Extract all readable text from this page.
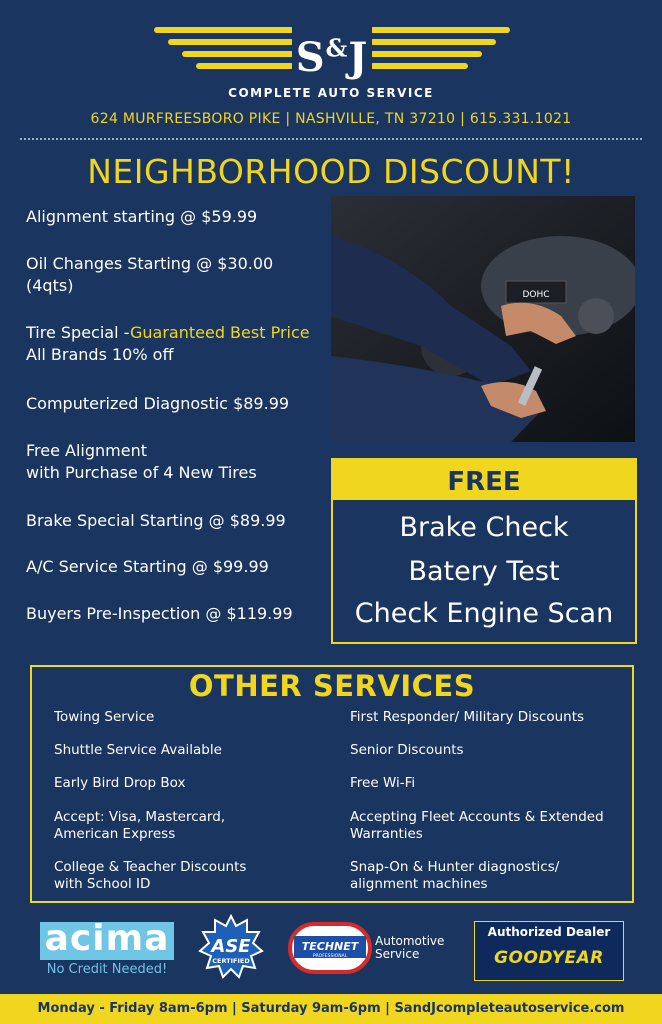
S&J
COMPLETE AUTO SERVICE
624 MURFREESBORO PIKE | NASHVILLE, TN 37210 | 615.331.1021
NEIGHBORHOOD DISCOUNT!
Alignment starting @ $59.99
Oil Changes Starting @ $30.00
(4qts)
Tire Special -Guaranteed Best Price
All Brands 10% off
Computerized Diagnostic $89.99
Free Alignment
with Purchase of 4 New Tires
Brake Special Starting @ $89.99
A/C Service Starting @ $99.99
Buyers Pre-Inspection @ $119.99
DOHC
FREE
Brake Check
Batery Test
Check Engine Scan
OTHER SERVICES
Towing Service
Shuttle Service Available
Early Bird Drop Box
Accept: Visa, Mastercard,
American Express
College & Teacher Discounts
with School ID
First Responder/ Military Discounts
Senior Discounts
Free Wi-Fi
Accepting Fleet Accounts & Extended
Warranties
Snap-On & Hunter diagnostics/
alignment machines
acima
No Credit Needed!
ASE
CERTIFIED
TECHNET
PROFESSIONAL
Automotive
Service
Authorized Dealer
GOODYEAR
Monday - Friday 8am-6pm | Saturday 9am-6pm | SandJcompleteautoservice.com
